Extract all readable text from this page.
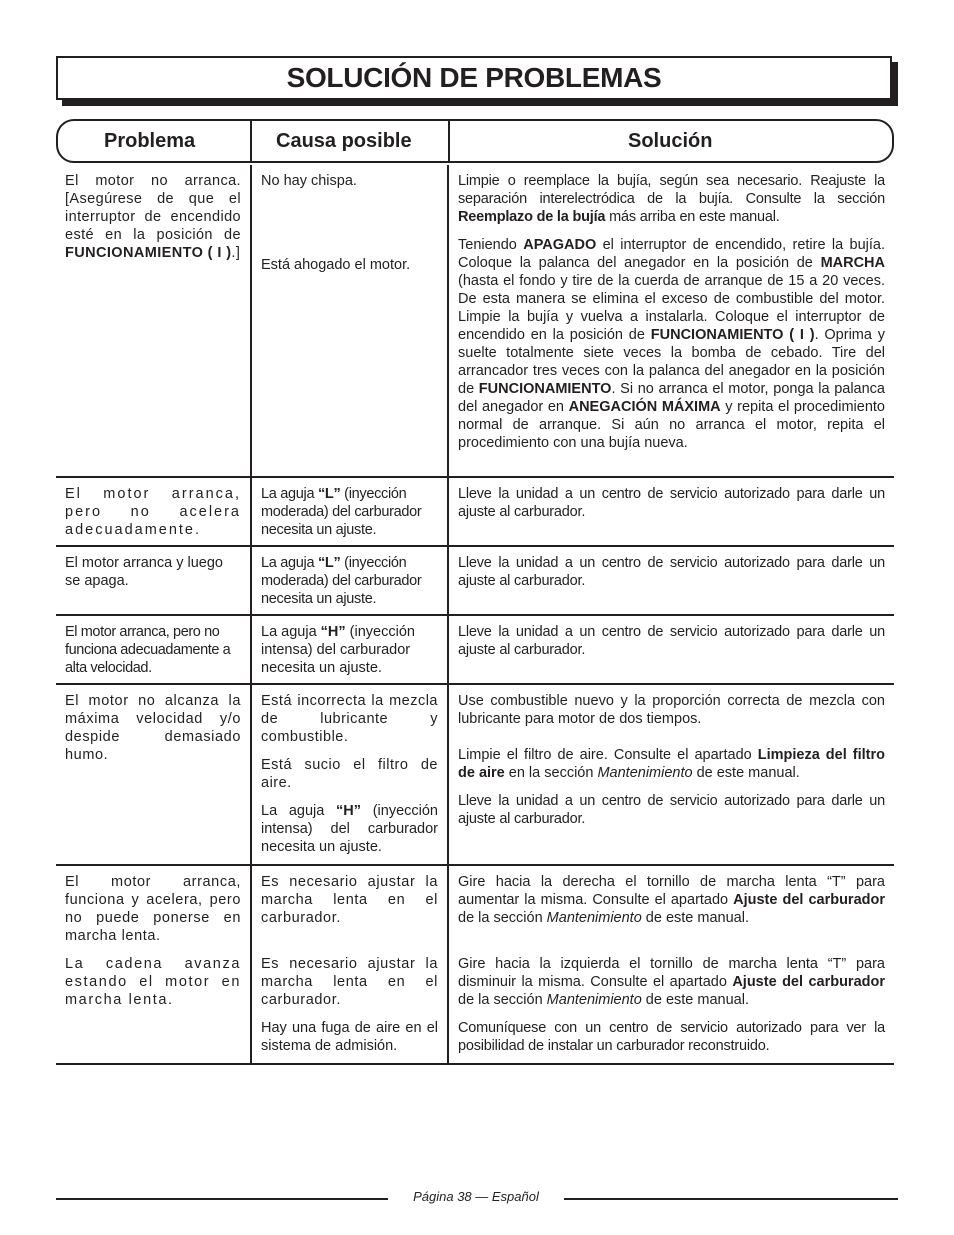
SOLUCIÓN DE PROBLEMAS
Problema	Causa posible	Solución

El motor no arranca. [Asegúrese de que el interruptor de encendido esté en la posición de FUNCIONAMIENTO ( I ).]

No hay chispa.

Está ahogado el motor.

Limpie o reemplace la bujía, según sea necesario. Reajuste la separación interelectródica de la bujía. Consulte la sección Reemplazo de la bujía más arriba en este manual.

Teniendo APAGADO el interruptor de encendido, retire la bujía. Coloque la palanca del anegador en la posición de MARCHA (hasta el fondo y tire de la cuerda de arranque de 15 a 20 veces. De esta manera se elimina el exceso de combustible del motor. Limpie la bujía y vuelva a instalarla. Coloque el interruptor de encendido en la posición de FUNCIONAMIENTO ( I ). Oprima y suelte totalmente siete veces la bomba de cebado. Tire del arrancador tres veces con la palanca del anegador en la posición de FUNCIONAMIENTO. Si no arranca el motor, ponga la palanca del anegador en ANEGACIÓN MÁXIMA y repita el procedimiento normal de arranque. Si aún no arranca el motor, repita el procedimiento con una bujía nueva.

El motor arranca, pero no acelera adecuadamente.

La aguja “L” (inyección moderada) del carburador necesita un ajuste.

Lleve la unidad a un centro de servicio autorizado para darle un ajuste al carburador.

El motor arranca y luego se apaga.

La aguja “L” (inyección moderada) del carburador necesita un ajuste.

Lleve la unidad a un centro de servicio autorizado para darle un ajuste al carburador.

El motor arranca, pero no funciona adecuadamente a alta velocidad.

La aguja “H” (inyección intensa) del carburador necesita un ajuste.

Lleve la unidad a un centro de servicio autorizado para darle un ajuste al carburador.

El motor no alcanza la máxima velocidad y/o despide demasiado humo.

Está incorrecta la mezcla de lubricante y combustible.

Está sucio el filtro de aire.

La aguja “H” (inyección intensa) del carburador necesita un ajuste.

Use combustible nuevo y la proporción correcta de mezcla con lubricante para motor de dos tiempos.

Limpie el filtro de aire. Consulte el apartado Limpieza del filtro de aire en la sección Mantenimiento de este manual.

Lleve la unidad a un centro de servicio autorizado para darle un ajuste al carburador.

El motor arranca, funciona y acelera, pero no puede ponerse en marcha lenta.

La cadena avanza estando el motor en marcha lenta.

Es necesario ajustar la marcha lenta en el carburador.

Es necesario ajustar la marcha lenta en el carburador.

Hay una fuga de aire en el sistema de admisión.

Gire hacia la derecha el tornillo de marcha lenta “T” para aumentar la misma. Consulte el apartado Ajuste del carburador de la sección Mantenimiento de este manual.

Gire hacia la izquierda el tornillo de marcha lenta “T” para disminuir la misma. Consulte el apartado Ajuste del carburador de la sección Mantenimiento de este manual.

Comuníquese con un centro de servicio autorizado para ver la posibilidad de instalar un carburador reconstruido.

Página 38 — Español
